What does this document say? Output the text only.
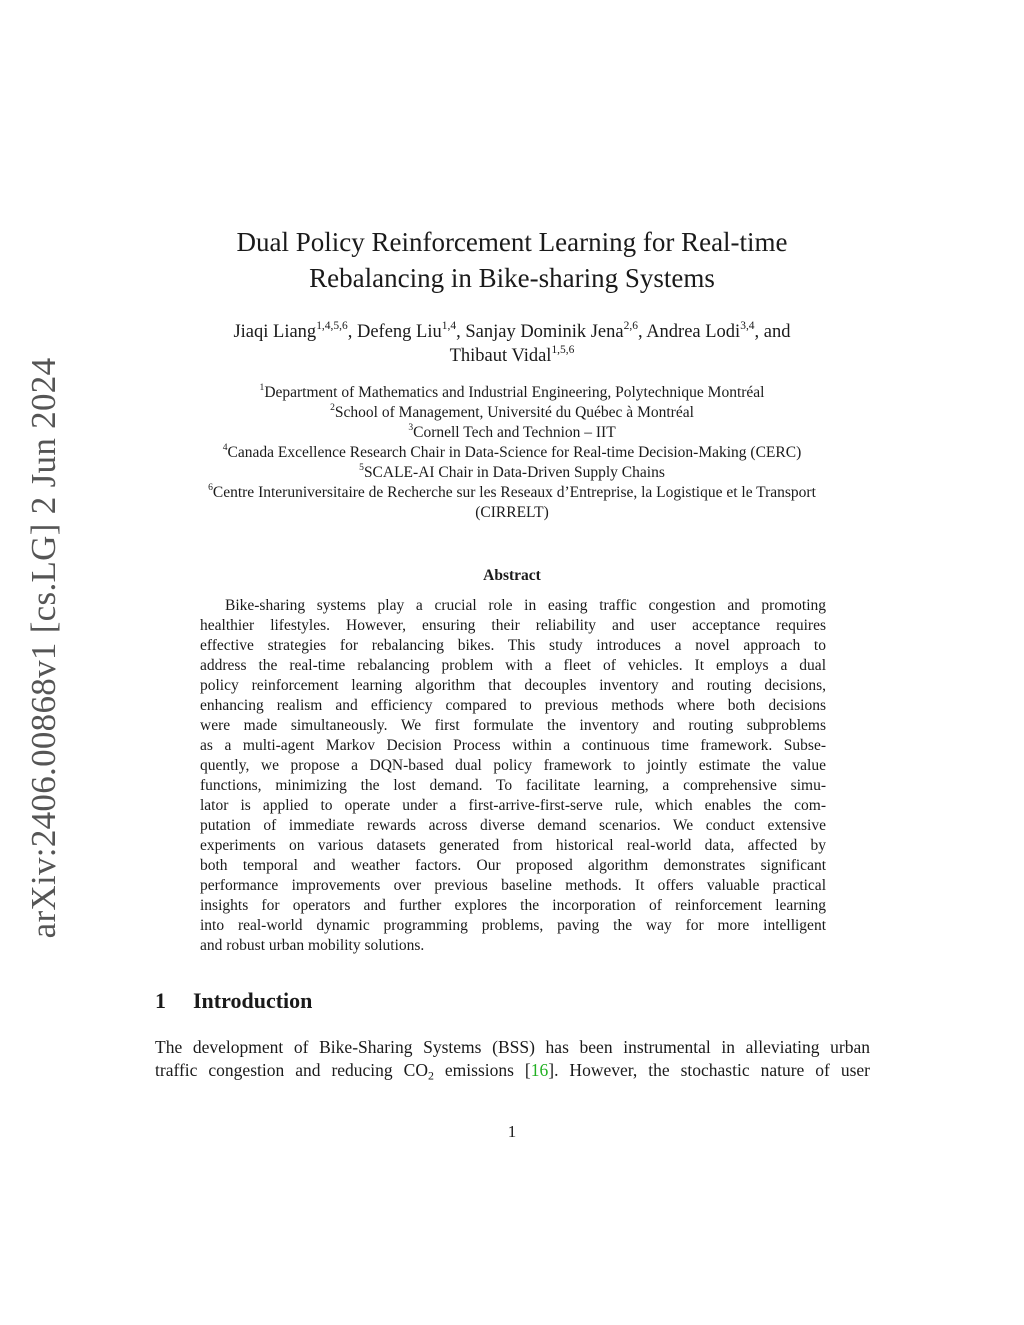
arXiv:2406.00868v1 [cs.LG] 2 Jun 2024
Dual Policy Reinforcement Learning for Real-time
Rebalancing in Bike-sharing Systems
Jiaqi Liang$^{1,4,5,6}$, Defeng Liu$^{1,4}$, Sanjay Dominik Jena$^{2,6}$, Andrea Lodi$^{3,4}$, and
Thibaut Vidal$^{1,5,6}$
$^1$Department of Mathematics and Industrial Engineering, Polytechnique Montréal
$^2$School of Management, Université du Québec à Montréal
$^3$Cornell Tech and Technion – IIT
$^4$Canada Excellence Research Chair in Data-Science for Real-time Decision-Making (CERC)
$^5$SCALE-AI Chair in Data-Driven Supply Chains
$^6$Centre Interuniversitaire de Recherche sur les Reseaux d’Entreprise, la Logistique et le Transport
(CIRRELT)
Abstract
Bike-sharing systems play a crucial role in easing traffic congestion and promoting
healthier lifestyles. However, ensuring their reliability and user acceptance requires
effective strategies for rebalancing bikes. This study introduces a novel approach to
address the real-time rebalancing problem with a fleet of vehicles. It employs a dual
policy reinforcement learning algorithm that decouples inventory and routing decisions,
enhancing realism and efficiency compared to previous methods where both decisions
were made simultaneously. We first formulate the inventory and routing subproblems
as a multi-agent Markov Decision Process within a continuous time framework. Subse-
quently, we propose a DQN-based dual policy framework to jointly estimate the value
functions, minimizing the lost demand. To facilitate learning, a comprehensive simu-
lator is applied to operate under a first-arrive-first-serve rule, which enables the com-
putation of immediate rewards across diverse demand scenarios. We conduct extensive
experiments on various datasets generated from historical real-world data, affected by
both temporal and weather factors. Our proposed algorithm demonstrates significant
performance improvements over previous baseline methods. It offers valuable practical
insights for operators and further explores the incorporation of reinforcement learning
into real-world dynamic programming problems, paving the way for more intelligent
and robust urban mobility solutions.
1 Introduction
The development of Bike-Sharing Systems (BSS) has been instrumental in alleviating urban
traffic congestion and reducing $CO_2$ emissions [16]. However, the stochastic nature of user
1
